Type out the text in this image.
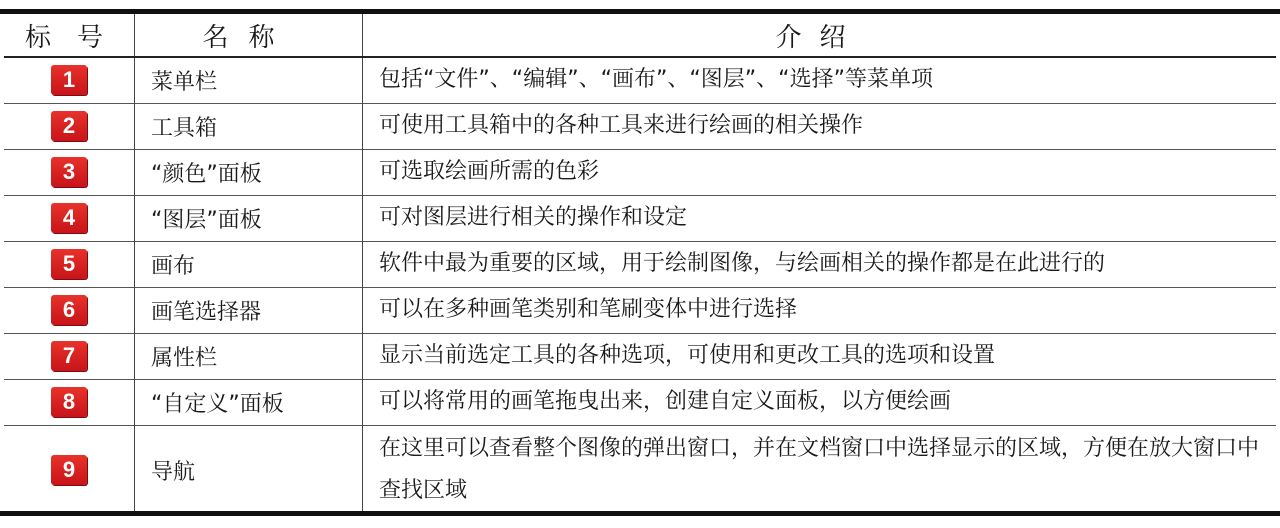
标号	名称	介绍
1	菜单栏	包括“文件”、“编辑”、“画布”、“图层”、“选择”等菜单项
2	工具箱	可使用工具箱中的各种工具来进行绘画的相关操作
3	“颜色”面板	可选取绘画所需的色彩
4	“图层”面板	可对图层进行相关的操作和设定
5	画布	软件中最为重要的区域，用于绘制图像，与绘画相关的操作都是在此进行的
6	画笔选择器	可以在多种画笔类别和笔刷变体中进行选择
7	属性栏	显示当前选定工具的各种选项，可使用和更改工具的选项和设置
8	“自定义”面板	可以将常用的画笔拖曳出来，创建自定义面板，以方便绘画
9	导航	在这里可以查看整个图像的弹出窗口，并在文档窗口中选择显示的区域，方便在放大窗口中查找区域
